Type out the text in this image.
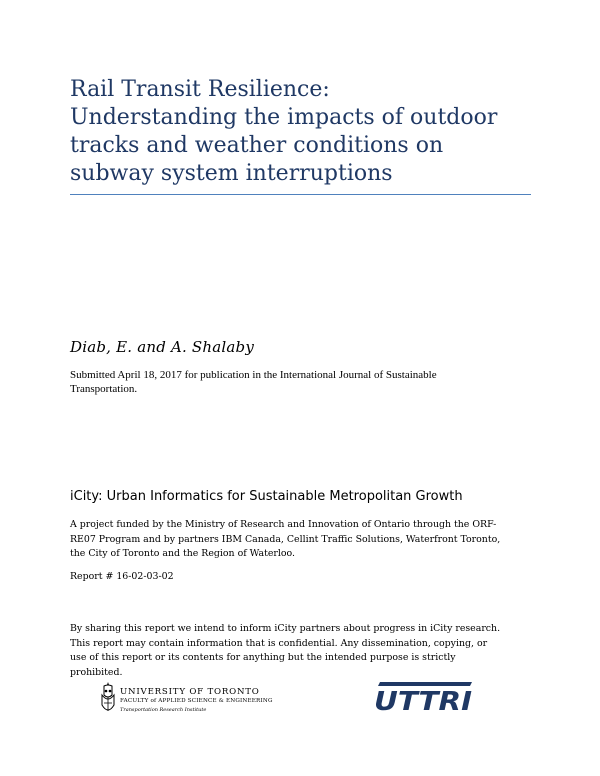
Rail Transit Resilience:
Understanding the impacts of outdoor
tracks and weather conditions on
subway system interruptions
Diab, E. and A. Shalaby
Submitted April 18, 2017 for publication in the International Journal of Sustainable Transportation.
iCity: Urban Informatics for Sustainable Metropolitan Growth
A project funded by the Ministry of Research and Innovation of Ontario through the ORF-
RE07 Program and by partners IBM Canada, Cellint Traffic Solutions, Waterfront Toronto,
the City of Toronto and the Region of Waterloo.
Report # 16-02-03-02
By sharing this report we intend to inform iCity partners about progress in iCity research.
This report may contain information that is confidential. Any dissemination, copying, or
use of this report or its contents for anything but the intended purpose is strictly
prohibited.
UNIVERSITY OF TORONTO
FACULTY of APPLIED SCIENCE & ENGINEERING
Transportation Research Institute	UTTRI
